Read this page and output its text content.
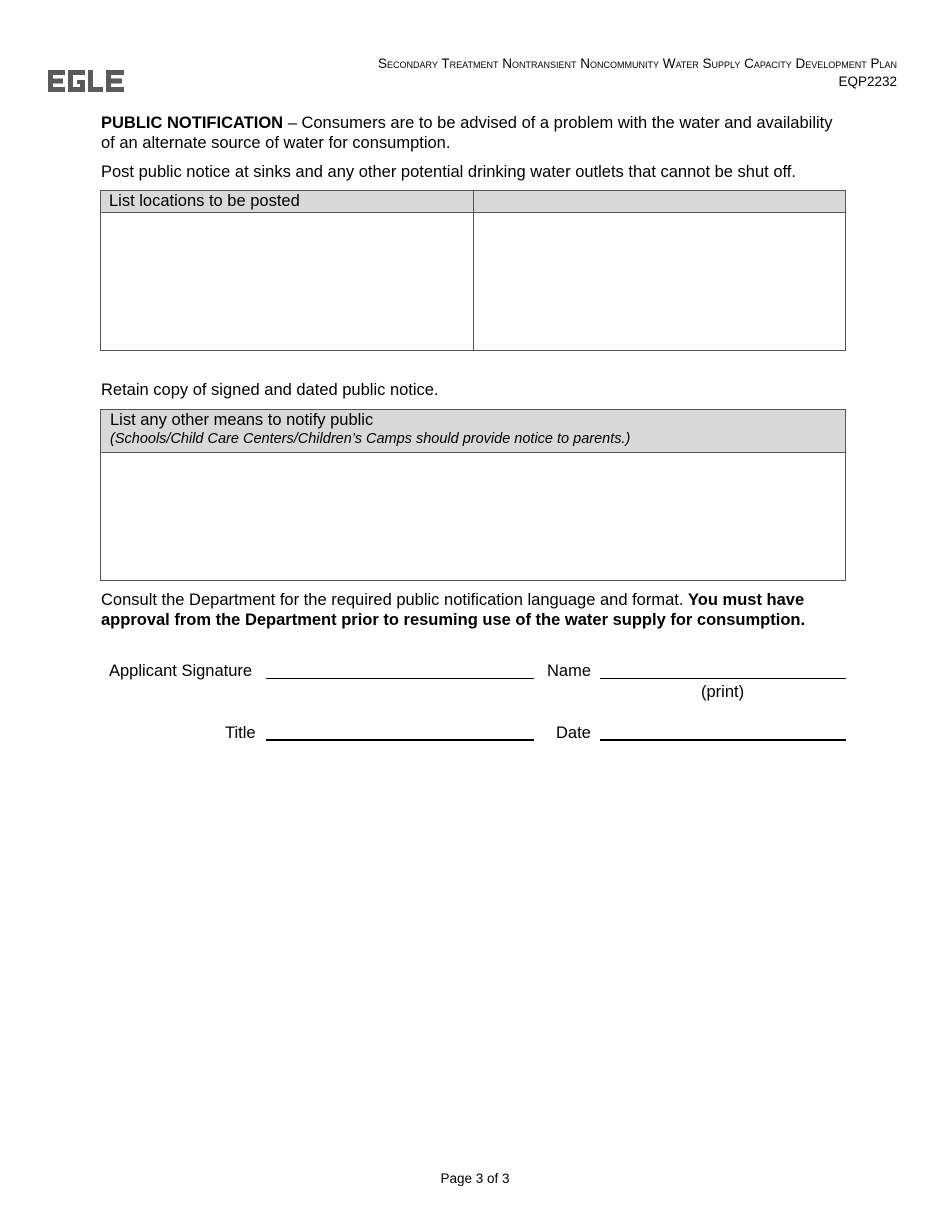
Secondary Treatment Nontransient Noncommunity Water Supply Capacity Development Plan
EQP2232
PUBLIC NOTIFICATION – Consumers are to be advised of a problem with the water and availability of an alternate source of water for consumption.
Post public notice at sinks and any other potential drinking water outlets that cannot be shut off.
List locations to be posted
Retain copy of signed and dated public notice.
List any other means to notify public
(Schools/Child Care Centers/Children’s Camps should provide notice to parents.)
Consult the Department for the required public notification language and format. You must have approval from the Department prior to resuming use of the water supply for consumption.
Applicant Signature	Name
(print)
Title	Date
Page 3 of 3
